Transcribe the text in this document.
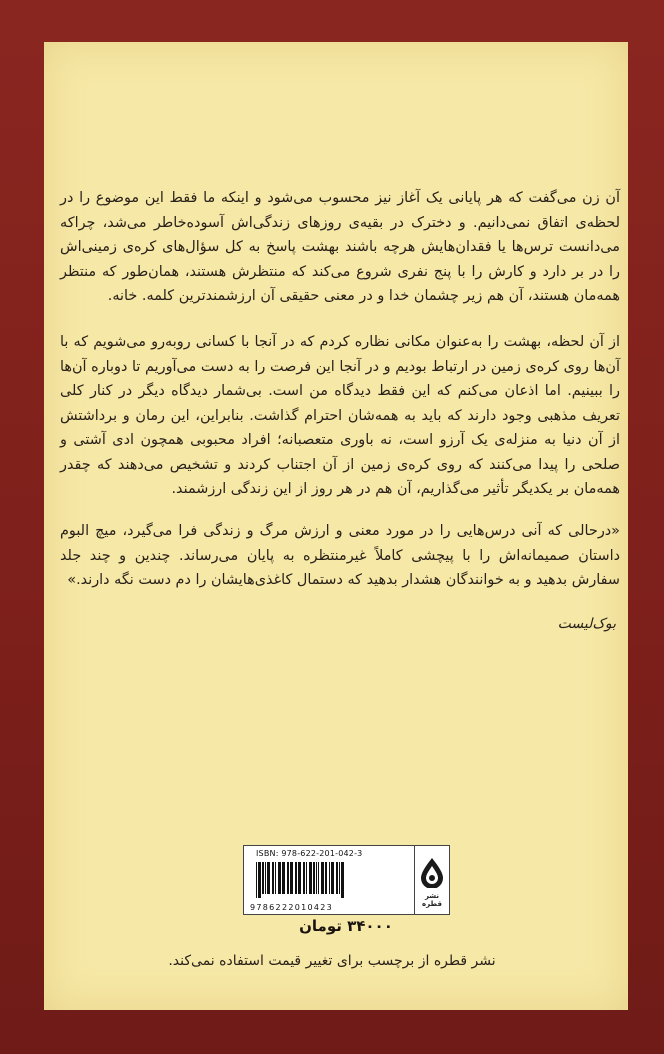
آن زن می‌گفت که هر پایانی یک آغاز نیز محسوب می‌شود و اینکه ما فقط این موضوع را در لحظه‌ی اتفاق نمی‌دانیم. و دخترک در بقیه‌ی روزهای زندگی‌اش آسوده‌خاطر می‌شد، چراکه می‌دانست ترس‌ها یا فقدان‌هایش هرچه باشند بهشت پاسخ به کل سؤال‌های کره‌ی زمینی‌اش را در بر دارد و کارش را با پنج نفری شروع می‌کند که منتظرش هستند، همان‌طور که منتظر همه‌مان هستند، آن هم زیر چشمان خدا و در معنی حقیقی آن ارزشمندترین کلمه. خانه.
از آن لحظه، بهشت را به‌عنوان مکانی نظاره کردم که در آنجا با کسانی روبه‌رو می‌شویم که با آن‌ها روی کره‌ی زمین در ارتباط بودیم و در آنجا این فرصت را به دست می‌آوریم تا دوباره آن‌ها را ببینیم. اما اذعان می‌کنم که این فقط دیدگاه من است. بی‌شمار دیدگاه دیگر در کنار کلی تعریف مذهبی وجود دارند که باید به همه‌شان احترام گذاشت. بنابراین، این رمان و برداشتش از آن دنیا به منزله‌ی یک آرزو است، نه باوری متعصبانه؛ افراد محبوبی همچون ادی آشتی و صلحی را پیدا می‌کنند که روی کره‌ی زمین از آن اجتناب کردند و تشخیص می‌دهند که چقدر همه‌مان بر یکدیگر تأثیر می‌گذاریم، آن هم در هر روز از این زندگی ارزشمند.
«درحالی که آنی درس‌هایی را در مورد معنی و ارزش مرگ و زندگی فرا می‌گیرد، میچ البوم داستان صمیمانه‌اش را با پیچشی کاملاً غیرمنتظره به پایان می‌رساند. چندین و چند جلد سفارش بدهید و به خوانندگان هشدار بدهید که دستمال کاغذی‌هایشان را دم دست نگه دارند.»
بوک‌لیست
ISBN: 978-622-201-042-3
9786222010423
نشر قطره
۳۴۰۰۰ تومان
نشر قطره از برچسب برای تغییر قیمت استفاده نمی‌کند.
